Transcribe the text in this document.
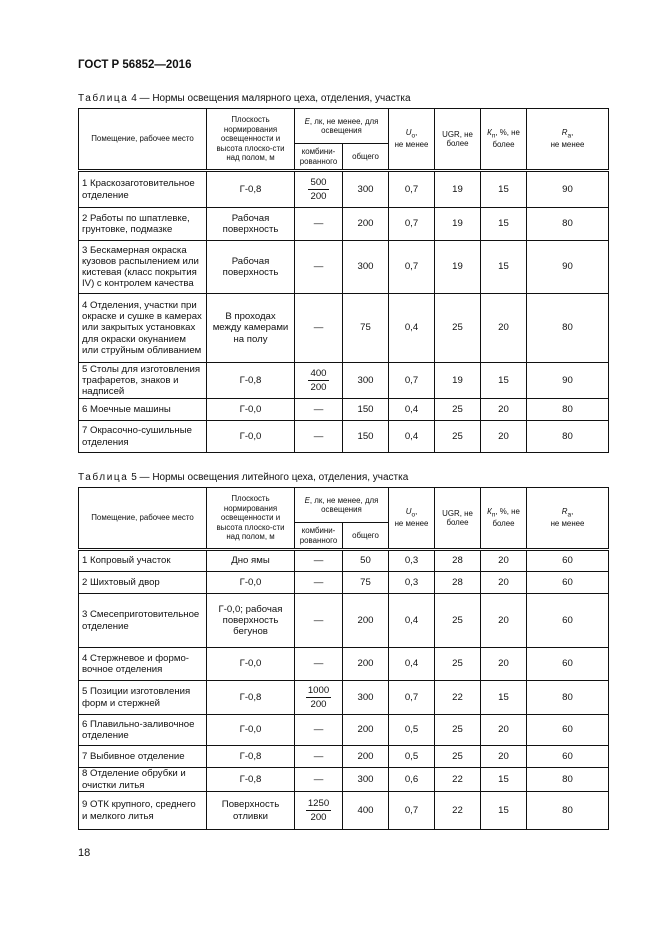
ГОСТ Р 56852—2016
Таблица 4 — Нормы освещения малярного цеха, отделения, участка
Помещение, рабочее место	Плоскость нормирования освещенности и высота плоско-сти над полом, м	Е, лк, не менее, для освещения		$U_o$,
не менее	UGR, не более	$К_п$, %, не более	$R_a$,
не менее
		комбини-рованного	общего				
1 Краскозаготовительное отделение	Г-0,8	$\frac{500}{200}$	300	0,7	19	15	90
2 Работы по шпатлевке, грунтовке, подмазке	Рабочая поверхность	—	200	0,7	19	15	80
3 Бескамерная окраска кузовов распылением или кистевая (класс покрытия IV) с контролем качества	Рабочая поверхность	—	300	0,7	19	15	90
4 Отделения, участки при окраске и сушке в камерах или закрытых установках для окраски окунанием или струйным обливанием	В проходах между камерами на полу	—	75	0,4	25	20	80
5 Столы для изготовления трафаретов, знаков и надписей	Г-0,8	$\frac{400}{200}$	300	0,7	19	15	90
6 Моечные машины	Г-0,0	—	150	0,4	25	20	80
7 Окрасочно-сушильные отделения	Г-0,0	—	150	0,4	25	20	80
Таблица 5 — Нормы освещения литейного цеха, отделения, участка
Помещение, рабочее место	Плоскость нормирования освещенности и высота плоско-сти над полом, м	Е, лк, не менее, для освещения		$U_o$,
не менее	UGR, не более	$К_п$, %, не более	$R_a$,
не менее
		комбини-рованного	общего				
1 Копровый участок	Дно ямы	—	50	0,3	28	20	60
2 Шихтовый двор	Г-0,0	—	75	0,3	28	20	60
3 Смесеприготовительное отделение	Г-0,0; рабочая поверхность бегунов	—	200	0,4	25	20	60
4 Стержневое и формо-вочное отделения	Г-0,0	—	200	0,4	25	20	60
5 Позиции изготовления форм и стержней	Г-0,8	$\frac{1000}{200}$	300	0,7	22	15	80
6 Плавильно-заливочное отделение	Г-0,0	—	200	0,5	25	20	60
7 Выбивное отделение	Г-0,8	—	200	0,5	25	20	60
8 Отделение обрубки и очистки литья	Г-0,8	—	300	0,6	22	15	80
9 ОТК крупного, среднего и мелкого литья	Поверхность отливки	$\frac{1250}{200}$	400	0,7	22	15	80
18
